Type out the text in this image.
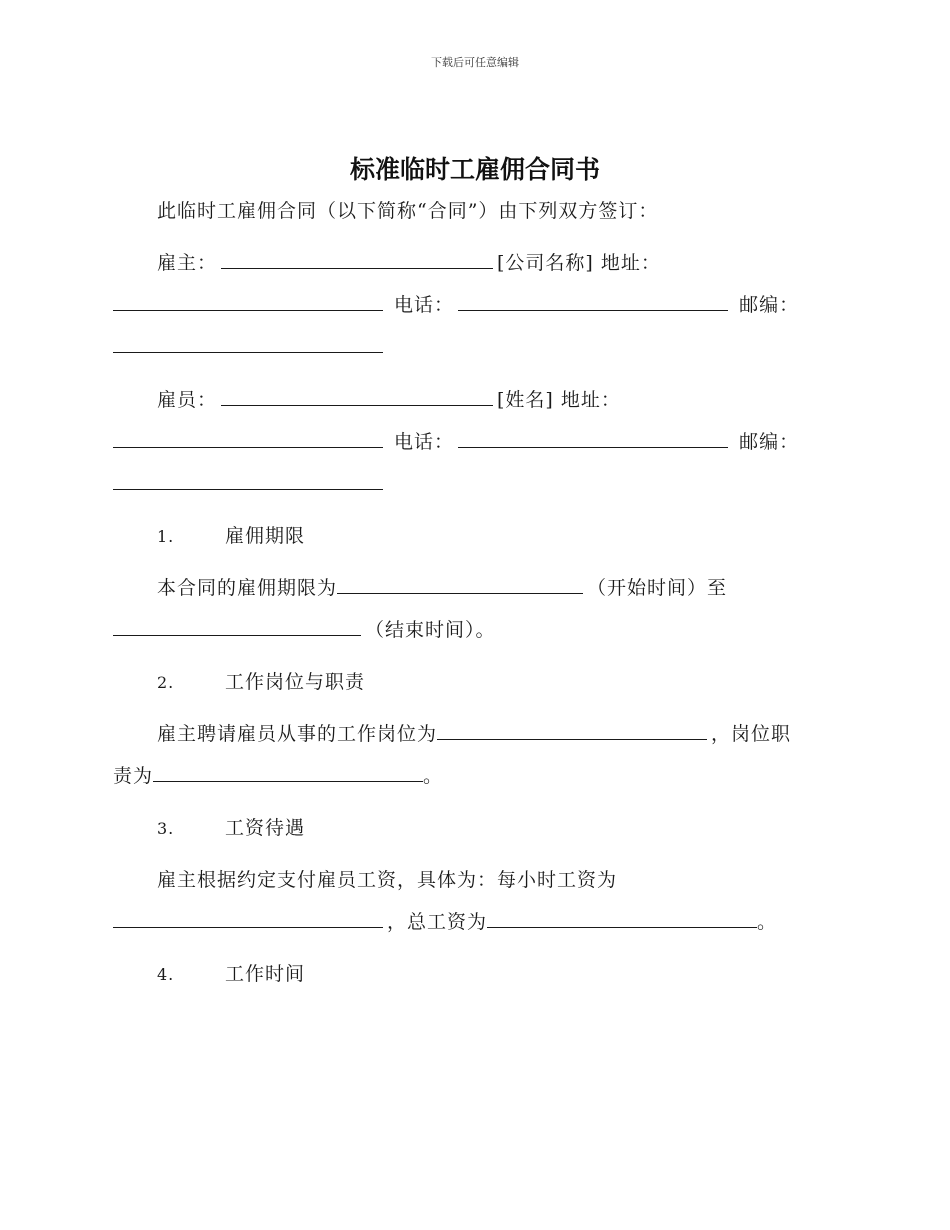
下载后可任意编辑
标准临时工雇佣合同书
此临时工雇佣合同（以下简称“合同”）由下列双方签订：
雇主：	[公司名称] 地址：
电话：	邮编：
雇员：	[姓名] 地址：
电话：	邮编：
1.	雇佣期限
本合同的雇佣期限为	（开始时间）至
（结束时间）。
2.	工作岗位与职责
雇主聘请雇员从事的工作岗位为	，岗位职
责为	。
3.	工资待遇
雇主根据约定支付雇员工资，具体为：每小时工资为
，总工资为	。
4.	工作时间
